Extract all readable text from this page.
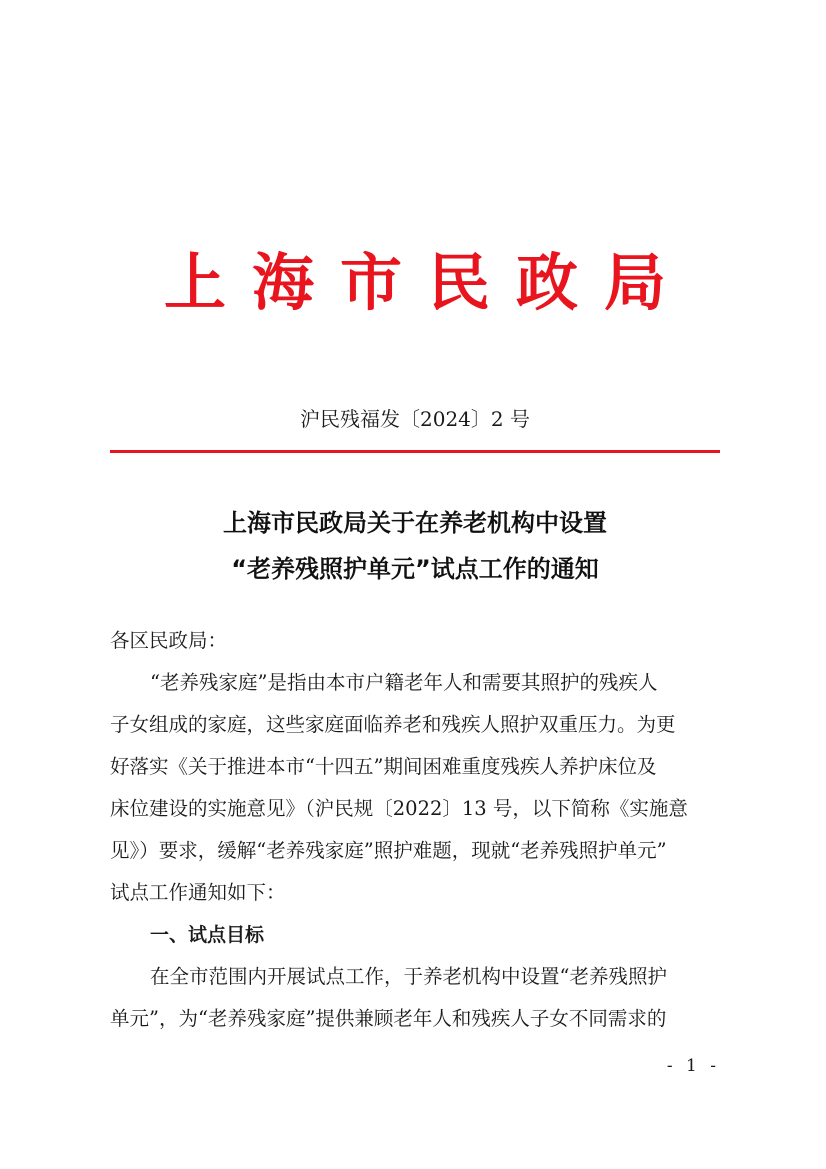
上海市民政局
沪民残福发〔2024〕2 号
上海市民政局关于在养老机构中设置
“老养残照护单元”试点工作的通知

各区民政局：

“老养残家庭”是指由本市户籍老年人和需要其照护的残疾人
子女组成的家庭，这些家庭面临养老和残疾人照护双重压力。为更
好落实《关于推进本市“十四五”期间困难重度残疾人养护床位及
床位建设的实施意见》（沪民规〔2022〕13 号，以下简称《实施意
见》）要求，缓解“老养残家庭”照护难题，现就“老养残照护单元”
试点工作通知如下：

一、试点目标

在全市范围内开展试点工作，于养老机构中设置“老养残照护
单元”，为“老养残家庭”提供兼顾老年人和残疾人子女不同需求的

- 1 -
